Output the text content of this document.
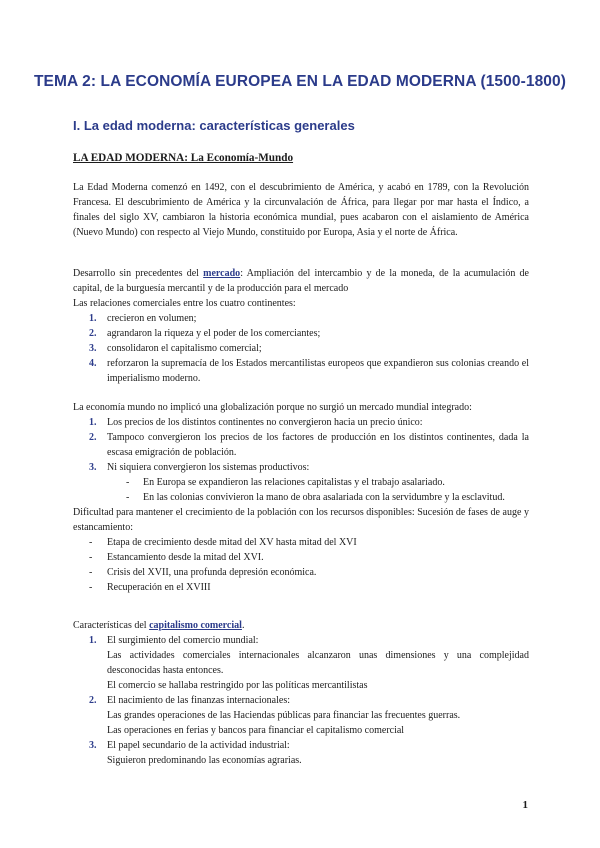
TEMA 2: LA ECONOMÍA EUROPEA EN LA EDAD MODERNA (1500-1800)
I. La edad moderna: características generales
LA EDAD MODERNA: La Economía-Mundo

La Edad Moderna comenzó en 1492, con el descubrimiento de América, y acabó en 1789, con la Revolución Francesa. El descubrimiento de América y la circunvalación de África, para llegar por mar hasta el Índico, a finales del siglo XV, cambiaron la historia económica mundial, pues acabaron con el aislamiento de América (Nuevo Mundo) con respecto al Viejo Mundo, constituido por Europa, Asia y el norte de África.

Desarrollo sin precedentes del mercado: Ampliación del intercambio y de la moneda, de la acumulación de capital, de la burguesía mercantil y de la producción para el mercado

Las relaciones comerciales entre los cuatro continentes:

1. crecieron en volumen;

2. agrandaron la riqueza y el poder de los comerciantes;

3. consolidaron el capitalismo comercial;

4. reforzaron la supremacía de los Estados mercantilistas europeos que expandieron sus colonias creando el imperialismo moderno.

La economía mundo no implicó una globalización porque no surgió un mercado mundial integrado:

1. Los precios de los distintos continentes no convergieron hacia un precio único:

2. Tampoco convergieron los precios de los factores de producción en los distintos continentes, dada la escasa emigración de población.

3. Ni siquiera convergieron los sistemas productivos:

- En Europa se expandieron las relaciones capitalistas y el trabajo asalariado.
- En las colonias convivieron la mano de obra asalariada con la servidumbre y la esclavitud.

Dificultad para mantener el crecimiento de la población con los recursos disponibles: Sucesión de fases de auge y estancamiento:

- Etapa de crecimiento desde mitad del XV hasta mitad del XVI
- Estancamiento desde la mitad del XVI.
- Crisis del XVII, una profunda depresión económica.
- Recuperación en el XVIII

Características del capitalismo comercial.

1. El surgimiento del comercio mundial:

Las actividades comerciales internacionales alcanzaron unas dimensiones y una complejidad desconocidas hasta entonces.

El comercio se hallaba restringido por las políticas mercantilistas

2. El nacimiento de las finanzas internacionales:

Las grandes operaciones de las Haciendas públicas para financiar las frecuentes guerras.

Las operaciones en ferias y bancos para financiar el capitalismo comercial

3. El papel secundario de la actividad industrial:

Siguieron predominando las economías agrarias.

1
